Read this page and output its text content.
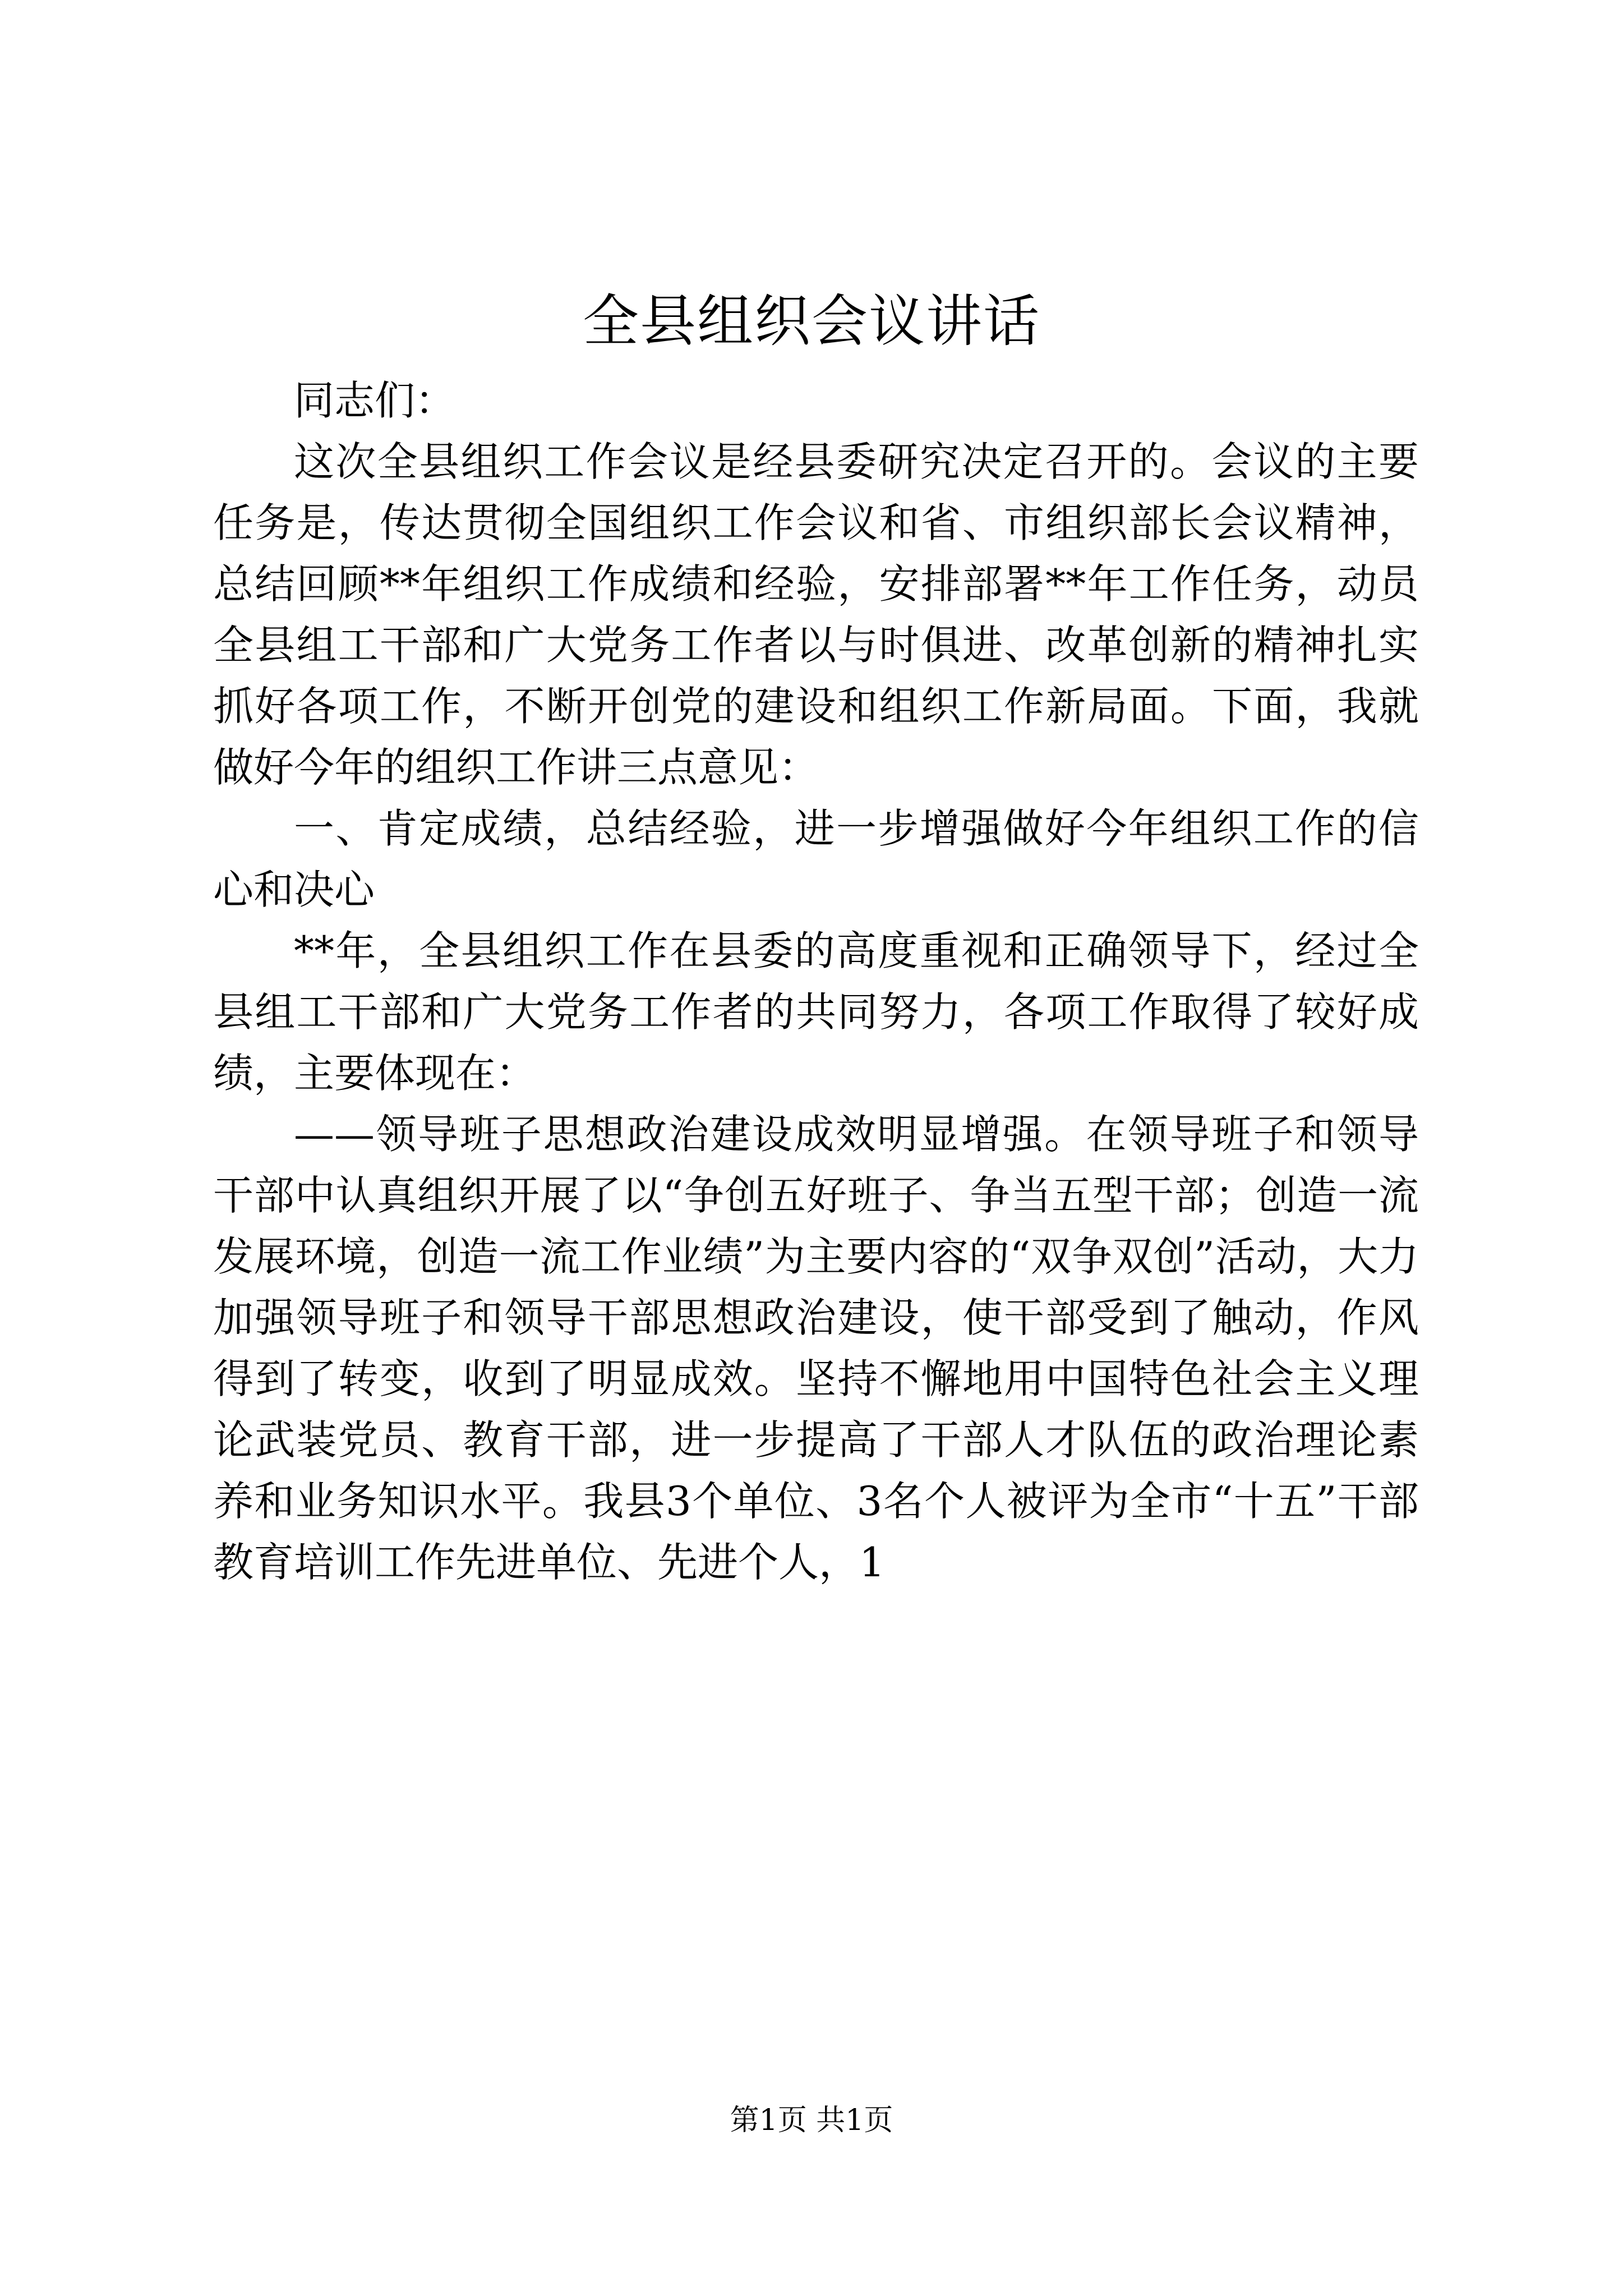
全县组织会议讲话

同志们：

这次全县组织工作会议是经县委研究决定召开的。会议的主要任务是，传达贯彻全国组织工作会议和省、市组织部长会议精神，总结回顾**年组织工作成绩和经验，安排部署**年工作任务，动员全县组工干部和广大党务工作者以与时俱进、改革创新的精神扎实抓好各项工作，不断开创党的建设和组织工作新局面。下面，我就做好今年的组织工作讲三点意见：

一、肯定成绩，总结经验，进一步增强做好今年组织工作的信心和决心

**年，全县组织工作在县委的高度重视和正确领导下，经过全县组工干部和广大党务工作者的共同努力，各项工作取得了较好成绩，主要体现在：

——领导班子思想政治建设成效明显增强。在领导班子和领导干部中认真组织开展了以“争创五好班子、争当五型干部；创造一流发展环境，创造一流工作业绩”为主要内容的“双争双创”活动，大力加强领导班子和领导干部思想政治建设，使干部受到了触动，作风得到了转变，收到了明显成效。坚持不懈地用中国特色社会主义理论武装党员、教育干部，进一步提高了干部人才队伍的政治理论素养和业务知识水平。我县3个单位、3名个人被评为全市“十五”干部教育培训工作先进单位、先进个人，1

第1页 共1页
